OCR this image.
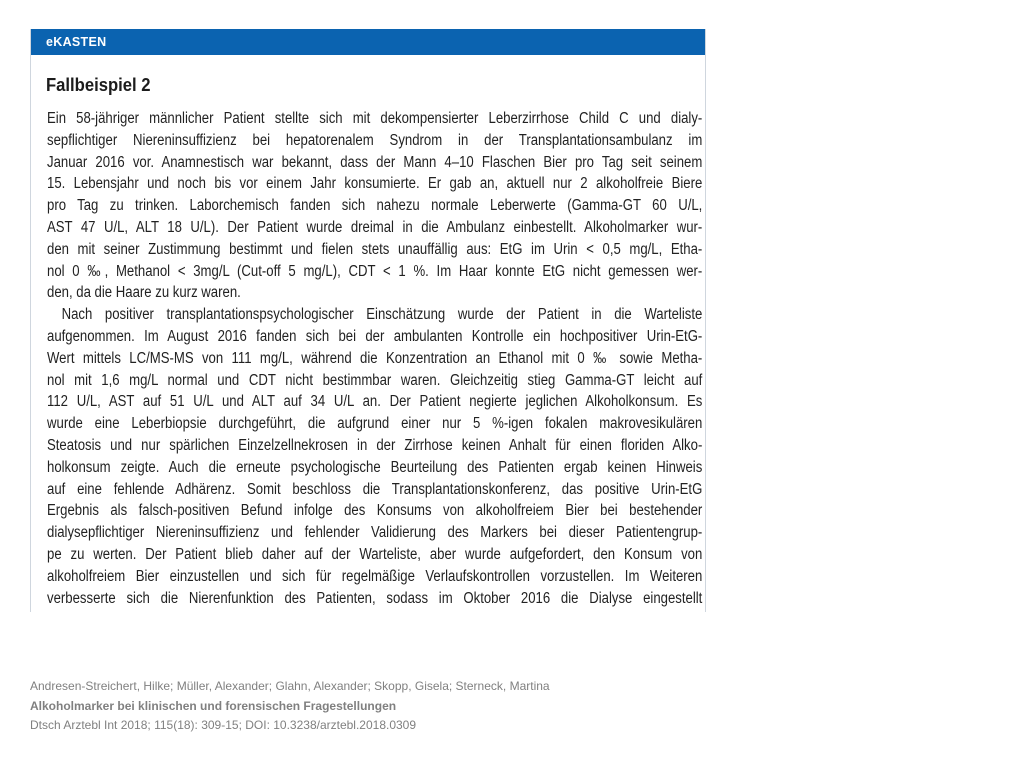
eKASTEN
Fallbeispiel 2
Ein 58-jähriger männlicher Patient stellte sich mit dekompensierter Leberzirrhose Child C und dialy-
sepflichtiger Niereninsuffizienz bei hepatorenalem Syndrom in der Transplantationsambulanz im
Januar 2016 vor. Anamnestisch war bekannt, dass der Mann 4–10 Flaschen Bier pro Tag seit seinem
15. Lebensjahr und noch bis vor einem Jahr konsumierte. Er gab an, aktuell nur 2 alkoholfreie Biere
pro Tag zu trinken. Laborchemisch fanden sich nahezu normale Leberwerte (Gamma-GT 60 U/L,
AST 47 U/L, ALT 18 U/L). Der Patient wurde dreimal in die Ambulanz einbestellt. Alkoholmarker wur-
den mit seiner Zustimmung bestimmt und fielen stets unauffällig aus: EtG im Urin < 0,5 mg/L, Etha-
nol 0 ‰, Methanol < 3mg/L (Cut-off 5 mg/L), CDT < 1 %. Im Haar konnte EtG nicht gemessen wer-
den, da die Haare zu kurz waren.
Nach positiver transplantationspsychologischer Einschätzung wurde der Patient in die Warteliste
aufgenommen. Im August 2016 fanden sich bei der ambulanten Kontrolle ein hochpositiver Urin-EtG-
Wert mittels LC/MS-MS von 111 mg/L, während die Konzentration an Ethanol mit 0 ‰ sowie Metha-
nol mit 1,6 mg/L normal und CDT nicht bestimmbar waren. Gleichzeitig stieg Gamma-GT leicht auf
112 U/L, AST auf 51 U/L und ALT auf 34 U/L an. Der Patient negierte jeglichen Alkoholkonsum. Es
wurde eine Leberbiopsie durchgeführt, die aufgrund einer nur 5 %-igen fokalen makrovesikulären
Steatosis und nur spärlichen Einzelzellnekrosen in der Zirrhose keinen Anhalt für einen floriden Alko-
holkonsum zeigte. Auch die erneute psychologische Beurteilung des Patienten ergab keinen Hinweis
auf eine fehlende Adhärenz. Somit beschloss die Transplantationskonferenz, das positive Urin-EtG
Ergebnis als falsch-positiven Befund infolge des Konsums von alkoholfreiem Bier bei bestehender
dialysepflichtiger Niereninsuffizienz und fehlender Validierung des Markers bei dieser Patientengrup-
pe zu werten. Der Patient blieb daher auf der Warteliste, aber wurde aufgefordert, den Konsum von
alkoholfreiem Bier einzustellen und sich für regelmäßige Verlaufskontrollen vorzustellen. Im Weiteren
verbesserte sich die Nierenfunktion des Patienten, sodass im Oktober 2016 die Dialyse eingestellt
Andresen-Streichert, Hilke; Müller, Alexander; Glahn, Alexander; Skopp, Gisela; Sterneck, Martina
Alkoholmarker bei klinischen und forensischen Fragestellungen
Dtsch Arztebl Int 2018; 115(18): 309-15; DOI: 10.3238/arztebl.2018.0309
